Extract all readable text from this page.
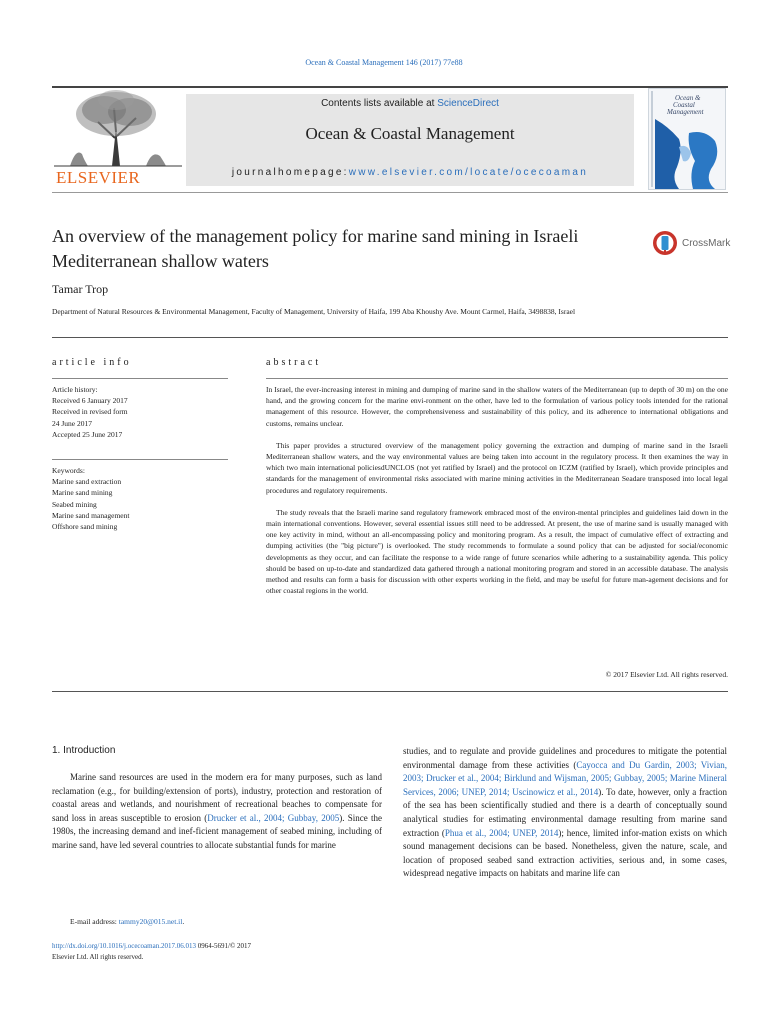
Ocean & Coastal Management 146 (2017) 77e88
ELSEVIER
Contents lists available at ScienceDirect
Ocean & Coastal Management
journalhomepage:www.elsevier.com/locate/ocecoaman
Ocean &
Coastal
Management
An overview of the management policy for marine sand mining in Israeli Mediterranean shallow waters
CrossMark
Tamar Trop
Department of Natural Resources & Environmental Management, Faculty of Management, University of Haifa, 199 Aba Khoushy Ave. Mount Carmel, Haifa, 3498838, Israel
article info	abstract
Article history:
Received 6 January 2017
Received in revised form
24 June 2017
Accepted 25 June 2017
Keywords:
Marine sand extraction
Marine sand mining
Seabed mining
Marine sand management
Offshore sand mining

In Israel, the ever-increasing interest in mining and dumping of marine sand in the shallow waters of the Mediterranean (up to depth of 30 m) on the one hand, and the growing concern for the marine envi-ronment on the other, have led to the formulation of various policy tools intended for the rational management of this resource. However, the comprehensiveness and sustainability of this policy, and its adherence to international obligations and customs, remains unclear.

This paper provides a structured overview of the management policy governing the extraction and dumping of marine sand in the Israeli Mediterranean shallow waters, and the way environmental values are being taken into account in the regulatory process. It then examines the way in which two main international policiesdUNCLOS (not yet ratified by Israel) and the protocol on ICZM (ratified by Israel), which provide principles and standards for the management of environmental risks associated with marine mining activities in the Mediterranean Seadare transposed into local legal procedures and regulatory requirements.

The study reveals that the Israeli marine sand regulatory framework embraced most of the environ-mental principles and guidelines laid down in the main international conventions. However, several essential issues still need to be addressed. At present, the use of marine sand is usually managed with one key activity in mind, without an all-encompassing policy and monitoring program. As a result, the impact of cumulative effect of extracting and dumping activities (the "big picture") is overlooked. The study recommends to formulate a sound policy that can be adjusted for social/economic developments as they occur, and can facilitate the response to a wide range of future scenarios while adhering to a sustainability agenda. This policy should be based on up-to-date and standardized data gathered through a national monitoring program and stored in an accessible database. The analysis method and results can form a basis for discussion with other experts working in the field, and may be useful for future man-agement decisions and for other coastal regions in the world.

© 2017 Elsevier Ltd. All rights reserved.
1. Introduction

Marine sand resources are used in the modern era for many purposes, such as land reclamation (e.g., for building/extension of ports), industry, protection and restoration of coastal areas and wetlands, and nourishment of recreational beaches to compensate for sand loss in areas susceptible to erosion (Drucker et al., 2004; Gubbay, 2005). Since the 1980s, the increasing demand and inef-ficient management of seabed mining, including of marine sand, have led several countries to allocate substantial funds for marine

studies, and to regulate and provide guidelines and procedures to mitigate the potential environmental damage from these activities (Cayocca and Du Gardin, 2003; Vivian, 2003; Drucker et al., 2004; Birklund and Wijsman, 2005; Gubbay, 2005; Marine Mineral Services, 2006; UNEP, 2014; Uscinowicz et al., 2014). To date, however, only a fraction of the sea has been scientifically studied and there is a dearth of conceptually sound analytical studies for estimating environmental damage resulting from marine sand extraction (Phua et al., 2004; UNEP, 2014); hence, limited infor-mation exists on which sound management decisions can be based. Nonetheless, given the nature, scale, and location of proposed seabed sand extraction activities, serious and, in some cases, widespread negative impacts on habitats and marine life can

E-mail address: tammy20@015.net.il.
http://dx.doi.org/10.1016/j.ocecoaman.2017.06.013 0964-5691/© 2017 Elsevier Ltd. All rights reserved.
